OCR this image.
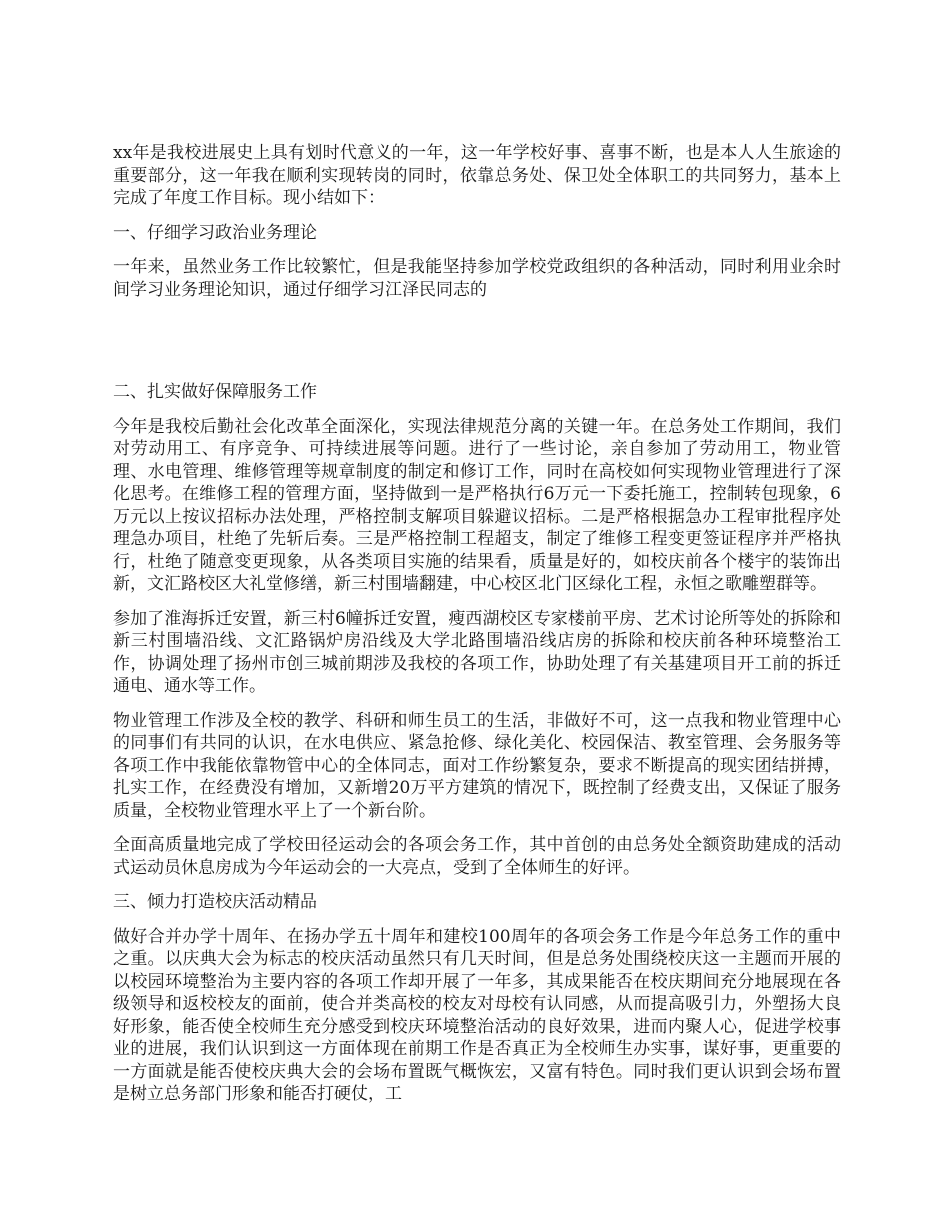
xx年是我校进展史上具有划时代意义的一年，这一年学校好事、喜事不断，也是本人人生旅途的重要部分，这一年我在顺利实现转岗的同时，依靠总务处、保卫处全体职工的共同努力，基本上完成了年度工作目标。现小结如下：

一、仔细学习政治业务理论

一年来，虽然业务工作比较繁忙，但是我能坚持参加学校党政组织的各种活动，同时利用业余时间学习业务理论知识，通过仔细学习江泽民同志的

二、扎实做好保障服务工作

今年是我校后勤社会化改革全面深化，实现法律规范分离的关键一年。在总务处工作期间，我们对劳动用工、有序竞争、可持续进展等问题。进行了一些讨论，亲自参加了劳动用工，物业管理、水电管理、维修管理等规章制度的制定和修订工作，同时在高校如何实现物业管理进行了深化思考。在维修工程的管理方面，坚持做到一是严格执行6万元一下委托施工，控制转包现象，6万元以上按议招标办法处理，严格控制支解项目躲避议招标。二是严格根据急办工程审批程序处理急办项目，杜绝了先斩后奏。三是严格控制工程超支，制定了维修工程变更签证程序并严格执行，杜绝了随意变更现象，从各类项目实施的结果看，质量是好的，如校庆前各个楼宇的装饰出新，文汇路校区大礼堂修缮，新三村围墙翻建，中心校区北门区绿化工程，永恒之歌雕塑群等。

参加了淮海拆迁安置，新三村6幢拆迁安置，瘦西湖校区专家楼前平房、艺术讨论所等处的拆除和新三村围墙沿线、文汇路锅炉房沿线及大学北路围墙沿线店房的拆除和校庆前各种环境整治工作，协调处理了扬州市创三城前期涉及我校的各项工作，协助处理了有关基建项目开工前的拆迁通电、通水等工作。

物业管理工作涉及全校的教学、科研和师生员工的生活，非做好不可，这一点我和物业管理中心的同事们有共同的认识，在水电供应、紧急抢修、绿化美化、校园保洁、教室管理、会务服务等各项工作中我能依靠物管中心的全体同志，面对工作纷繁复杂，要求不断提高的现实团结拼搏，扎实工作，在经费没有增加，又新增20万平方建筑的情况下，既控制了经费支出，又保证了服务质量，全校物业管理水平上了一个新台阶。

全面高质量地完成了学校田径运动会的各项会务工作，其中首创的由总务处全额资助建成的活动式运动员休息房成为今年运动会的一大亮点，受到了全体师生的好评。

三、倾力打造校庆活动精品

做好合并办学十周年、在扬办学五十周年和建校100周年的各项会务工作是今年总务工作的重中之重。以庆典大会为标志的校庆活动虽然只有几天时间，但是总务处围绕校庆这一主题而开展的以校园环境整治为主要内容的各项工作却开展了一年多，其成果能否在校庆期间充分地展现在各级领导和返校校友的面前，使合并类高校的校友对母校有认同感，从而提高吸引力，外塑扬大良好形象，能否使全校师生充分感受到校庆环境整治活动的良好效果，进而内聚人心，促进学校事业的进展，我们认识到这一方面体现在前期工作是否真正为全校师生办实事，谋好事，更重要的一方面就是能否使校庆典大会的会场布置既气概恢宏，又富有特色。同时我们更认识到会场布置是树立总务部门形象和能否打硬仗，工
